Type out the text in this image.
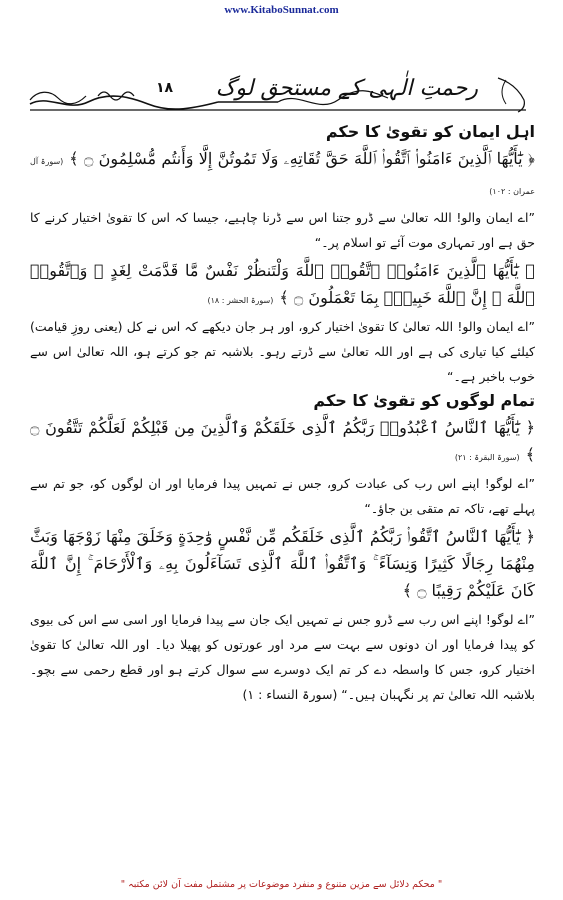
www.KitaboSunnat.com
١٨ رحمتِ الٰہی کے مستحق لوگ
اہل ایمان کو تقویٰ کا حکم

﴿ يَٰٓأَيُّهَا ٱلَّذِينَ ءَامَنُوا۟ ٱتَّقُوا۟ ٱللَّهَ حَقَّ تُقَاتِهِۦ وَلَا تَمُوتُنَّ إِلَّا وَأَنتُم مُّسْلِمُونَ ۝ ﴾(سورۃ آل عمران : ١٠٢)

”اے ایمان والو! اللہ تعالیٰ سے ڈرو جتنا اس سے ڈرنا چاہیے، جیسا کہ اس کا تقویٰ اختیار کرنے کا حق ہے اور تمہاری موت آئے تو اسلام پر۔“

﴿ يَٰٓأَيُّهَا ٱلَّذِينَ ءَامَنُوا۟ ٱتَّقُوا۟ ٱللَّهَ وَلْتَنظُرْ نَفْسٌ مَّا قَدَّمَتْ لِغَدٍ ۖ وَٱتَّقُوا۟ ٱللَّهَ ۚ إِنَّ ٱللَّهَ خَبِيرٌۢ بِمَا تَعْمَلُونَ ۝ ﴾(سورۃ الحشر : ١٨)

”اے ایمان والو! اللہ تعالیٰ کا تقویٰ اختیار کرو، اور ہر جان دیکھے کہ اس نے کل (یعنی روزِ قیامت) کیلئے کیا تیاری کی ہے اور اللہ تعالیٰ سے ڈرتے رہو۔ بلاشبہ تم جو کرتے ہو، اللہ تعالیٰ اس سے خوب باخبر ہے۔“

تمام لوگوں کو تقویٰ کا حکم

﴿ يَٰٓأَيُّهَا ٱلنَّاسُ ٱعْبُدُوا۟ رَبَّكُمُ ٱلَّذِى خَلَقَكُمْ وَٱلَّذِينَ مِن قَبْلِكُمْ لَعَلَّكُمْ تَتَّقُونَ ۝ ﴾(سورۃ البقرۃ : ٢١)

”اے لوگو! اپنے اس رب کی عبادت کرو، جس نے تمہیں پیدا فرمایا اور ان لوگوں کو، جو تم سے پہلے تھے، تاکہ تم متقی بن جاؤ۔“

﴿ يَٰٓأَيُّهَا ٱلنَّاسُ ٱتَّقُوا۟ رَبَّكُمُ ٱلَّذِى خَلَقَكُم مِّن نَّفْسٍ وَٰحِدَةٍ وَخَلَقَ مِنْهَا زَوْجَهَا وَبَثَّ مِنْهُمَا رِجَالًا كَثِيرًا وَنِسَآءً ۚ وَٱتَّقُوا۟ ٱللَّهَ ٱلَّذِى تَسَآءَلُونَ بِهِۦ وَٱلْأَرْحَامَ ۚ إِنَّ ٱللَّهَ كَانَ عَلَيْكُمْ رَقِيبًا ۝ ﴾

”اے لوگو! اپنے اس رب سے ڈرو جس نے تمہیں ایک جان سے پیدا فرمایا اور اسی سے اس کی بیوی کو پیدا فرمایا اور ان دونوں سے بہت سے مرد اور عورتوں کو پھیلا دیا۔ اور اللہ تعالیٰ کا تقویٰ اختیار کرو، جس کا واسطہ دے کر تم ایک دوسرے سے سوال کرتے ہو اور قطع رحمی سے بچو۔ بلاشبہ اللہ تعالیٰ تم پر نگہبان ہیں۔“ (سورۃ النساء : ١)

" محکم دلائل سے مزین متنوع و منفرد موضوعات پر مشتمل مفت آن لائن مکتبہ "
